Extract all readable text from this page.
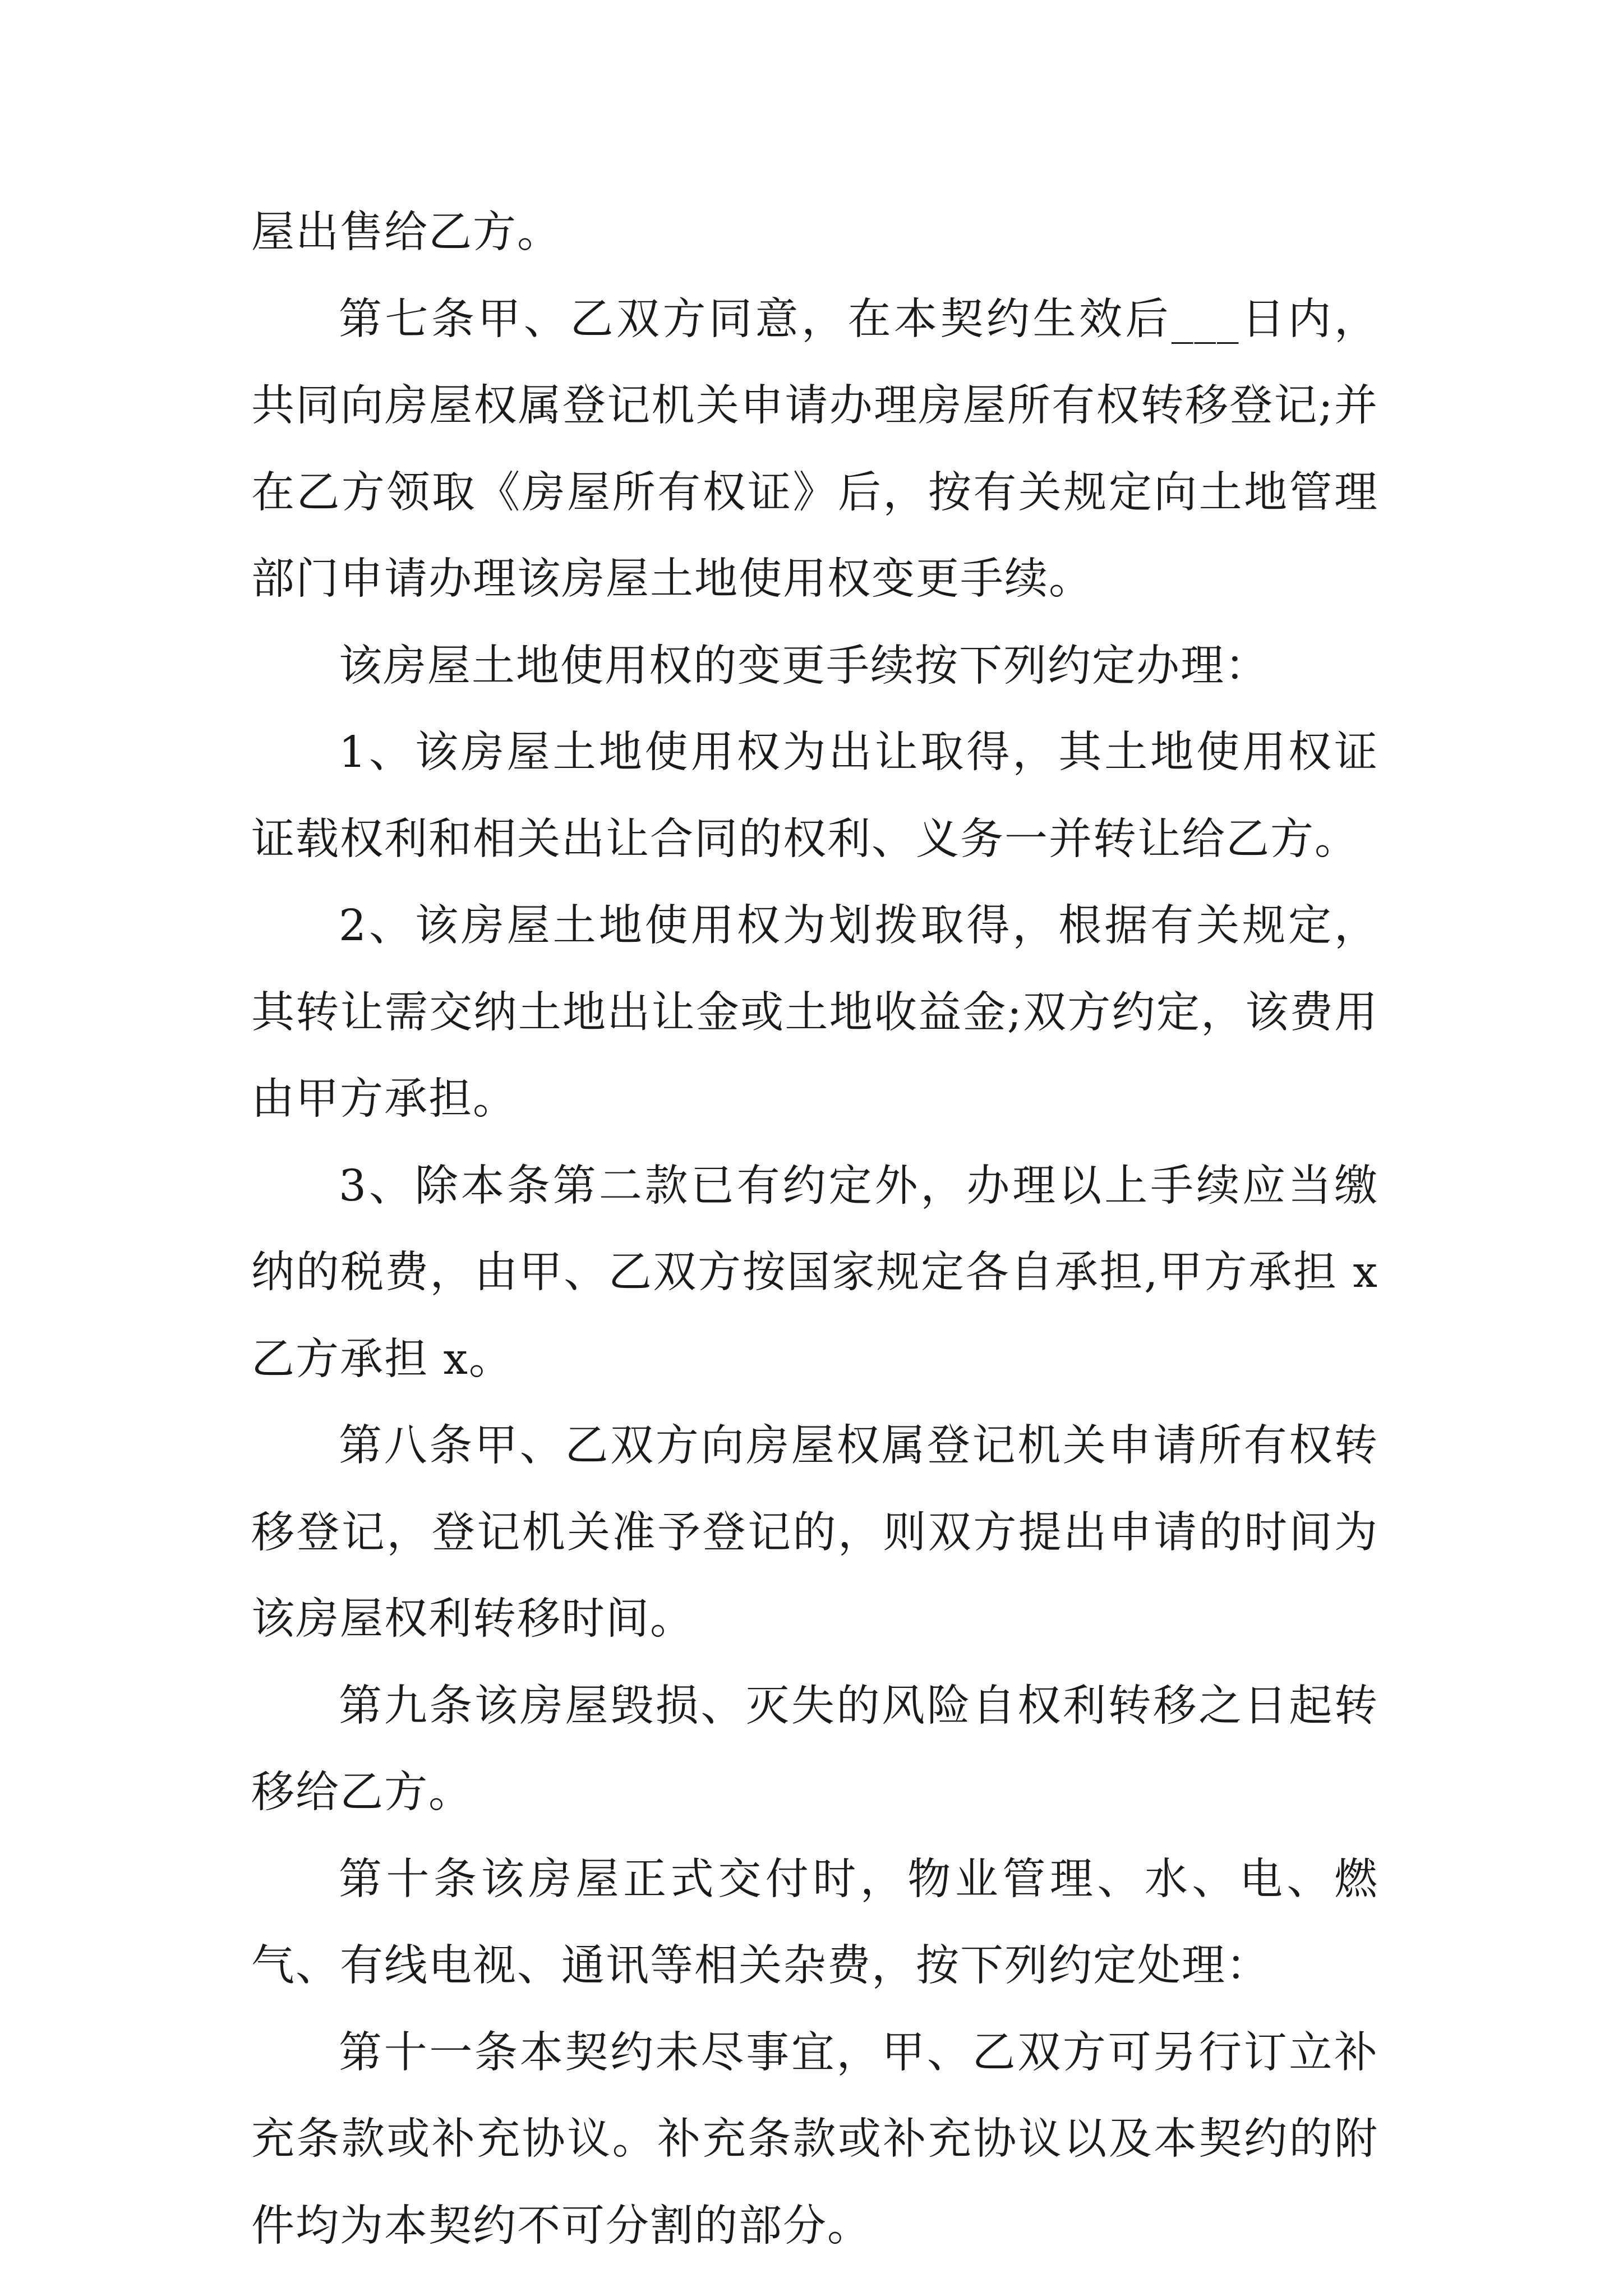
屋出售给乙方。

第七条甲、乙双方同意，在本契约生效后___日内，共同向房屋权属登记机关申请办理房屋所有权转移登记;并在乙方领取《房屋所有权证》后，按有关规定向土地管理部门申请办理该房屋土地使用权变更手续。

该房屋土地使用权的变更手续按下列约定办理：

1、该房屋土地使用权为出让取得，其土地使用权证证载权利和相关出让合同的权利、义务一并转让给乙方。

2、该房屋土地使用权为划拨取得，根据有关规定，其转让需交纳土地出让金或土地收益金;双方约定，该费用由甲方承担。

3、除本条第二款已有约定外，办理以上手续应当缴纳的税费，由甲、乙双方按国家规定各自承担,甲方承担 x 乙方承担 x。

第八条甲、乙双方向房屋权属登记机关申请所有权转移登记，登记机关准予登记的，则双方提出申请的时间为该房屋权利转移时间。

第九条该房屋毁损、灭失的风险自权利转移之日起转移给乙方。

第十条该房屋正式交付时，物业管理、水、电、燃气、有线电视、通讯等相关杂费，按下列约定处理：

第十一条本契约未尽事宜，甲、乙双方可另行订立补充条款或补充协议。补充条款或补充协议以及本契约的附件均为本契约不可分割的部分。
